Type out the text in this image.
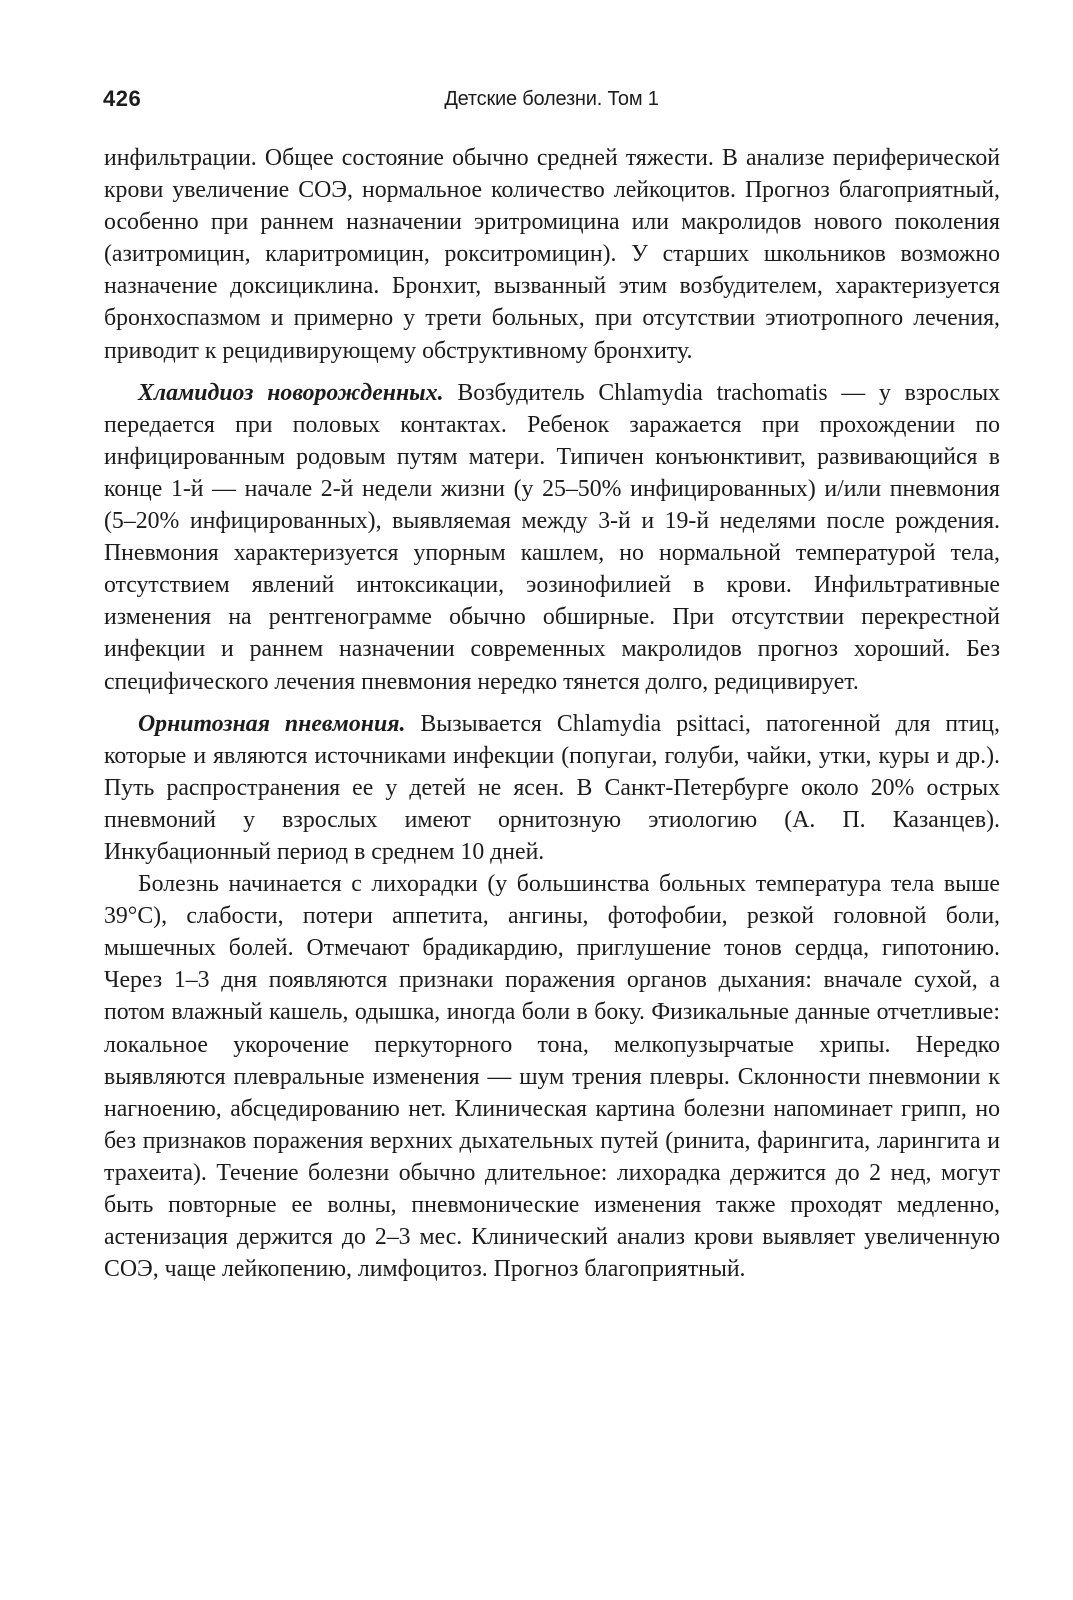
426	Детские болезни. Том 1

инфильтрации. Общее состояние обычно средней тяжести. В анализе периферической крови увеличение СОЭ, нормальное количество лейкоцитов. Прогноз благоприятный, особенно при раннем назначении эритромицина или макролидов нового поколения (азитромицин, кларитромицин, рокситромицин). У старших школьников возможно назначение доксициклина. Бронхит, вызванный этим возбудителем, характеризуется бронхоспазмом и примерно у трети больных, при отсутствии этиотропного лечения, приводит к рецидивирующему обструктивному бронхиту.

Хламидиоз новорожденных. Возбудитель Chlamydia trachomatis — у взрослых передается при половых контактах. Ребенок заражается при прохождении по инфицированным родовым путям матери. Типичен конъюнктивит, развивающийся в конце 1-й — начале 2-й недели жизни (у 25–50% инфицированных) и/или пневмония (5–20% инфицированных), выявляемая между 3-й и 19-й неделями после рождения. Пневмония характеризуется упорным кашлем, но нормальной температурой тела, отсутствием явлений интоксикации, эозинофилией в крови. Инфильтративные изменения на рентгенограмме обычно обширные. При отсутствии перекрестной инфекции и раннем назначении современных макролидов прогноз хороший. Без специфического лечения пневмония нередко тянется долго, редицивирует.

Орнитозная пневмония. Вызывается Chlamydia psittaci, патогенной для птиц, которые и являются источниками инфекции (попугаи, голуби, чайки, утки, куры и др.). Путь распространения ее у детей не ясен. В Санкт-Петербурге около 20% острых пневмоний у взрослых имеют орнитозную этиологию (А. П. Казанцев). Инкубационный период в среднем 10 дней.

Болезнь начинается с лихорадки (у большинства больных температура тела выше 39°С), слабости, потери аппетита, ангины, фотофобии, резкой головной боли, мышечных болей. Отмечают брадикардию, приглушение тонов сердца, гипотонию. Через 1–3 дня появляются признаки поражения органов дыхания: вначале сухой, а потом влажный кашель, одышка, иногда боли в боку. Физикальные данные отчетливые: локальное укорочение перкуторного тона, мелкопузырчатые хрипы. Нередко выявляются плевральные изменения — шум трения плевры. Склонности пневмонии к нагноению, абсцедированию нет. Клиническая картина болезни напоминает грипп, но без признаков поражения верхних дыхательных путей (ринита, фарингита, ларингита и трахеита). Течение болезни обычно длительное: лихорадка держится до 2 нед, могут быть повторные ее волны, пневмонические изменения также проходят медленно, астенизация держится до 2–3 мес. Клинический анализ крови выявляет увеличенную СОЭ, чаще лейкопению, лимфоцитоз. Прогноз благоприятный.
